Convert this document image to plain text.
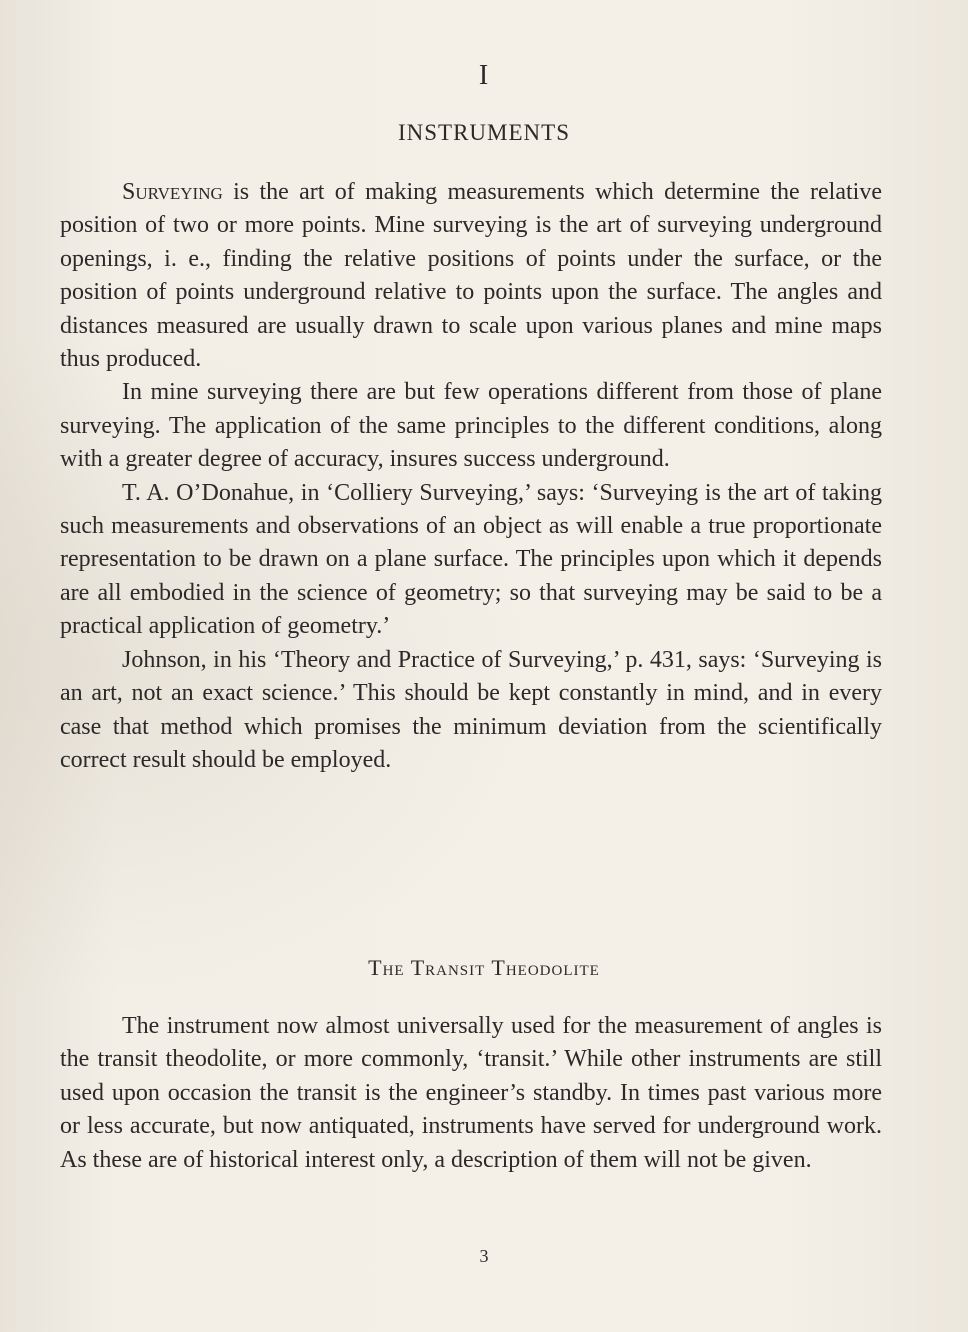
I
INSTRUMENTS

Surveying is the art of making measurements which determine the relative position of two or more points. Mine surveying is the art of surveying underground openings, i. e., finding the relative positions of points under the surface, or the position of points underground relative to points upon the surface. The angles and distances measured are usually drawn to scale upon various planes and mine maps thus produced.

In mine surveying there are but few operations different from those of plane surveying. The application of the same principles to the different conditions, along with a greater degree of accuracy, insures success underground.

T. A. O’Donahue, in ‘Colliery Surveying,’ says: ‘Surveying is the art of taking such measurements and observations of an object as will enable a true proportionate representation to be drawn on a plane surface. The principles upon which it depends are all embodied in the science of geometry; so that surveying may be said to be a practical application of geometry.’

Johnson, in his ‘Theory and Practice of Surveying,’ p. 431, says: ‘Surveying is an art, not an exact science.’ This should be kept constantly in mind, and in every case that method which promises the minimum deviation from the scientifically correct result should be employed.

The Transit Theodolite

The instrument now almost universally used for the measurement of angles is the transit theodolite, or more commonly, ‘transit.’ While other instruments are still used upon occasion the transit is the engineer’s standby. In times past various more or less accurate, but now antiquated, instruments have served for underground work. As these are of historical interest only, a description of them will not be given.

3
